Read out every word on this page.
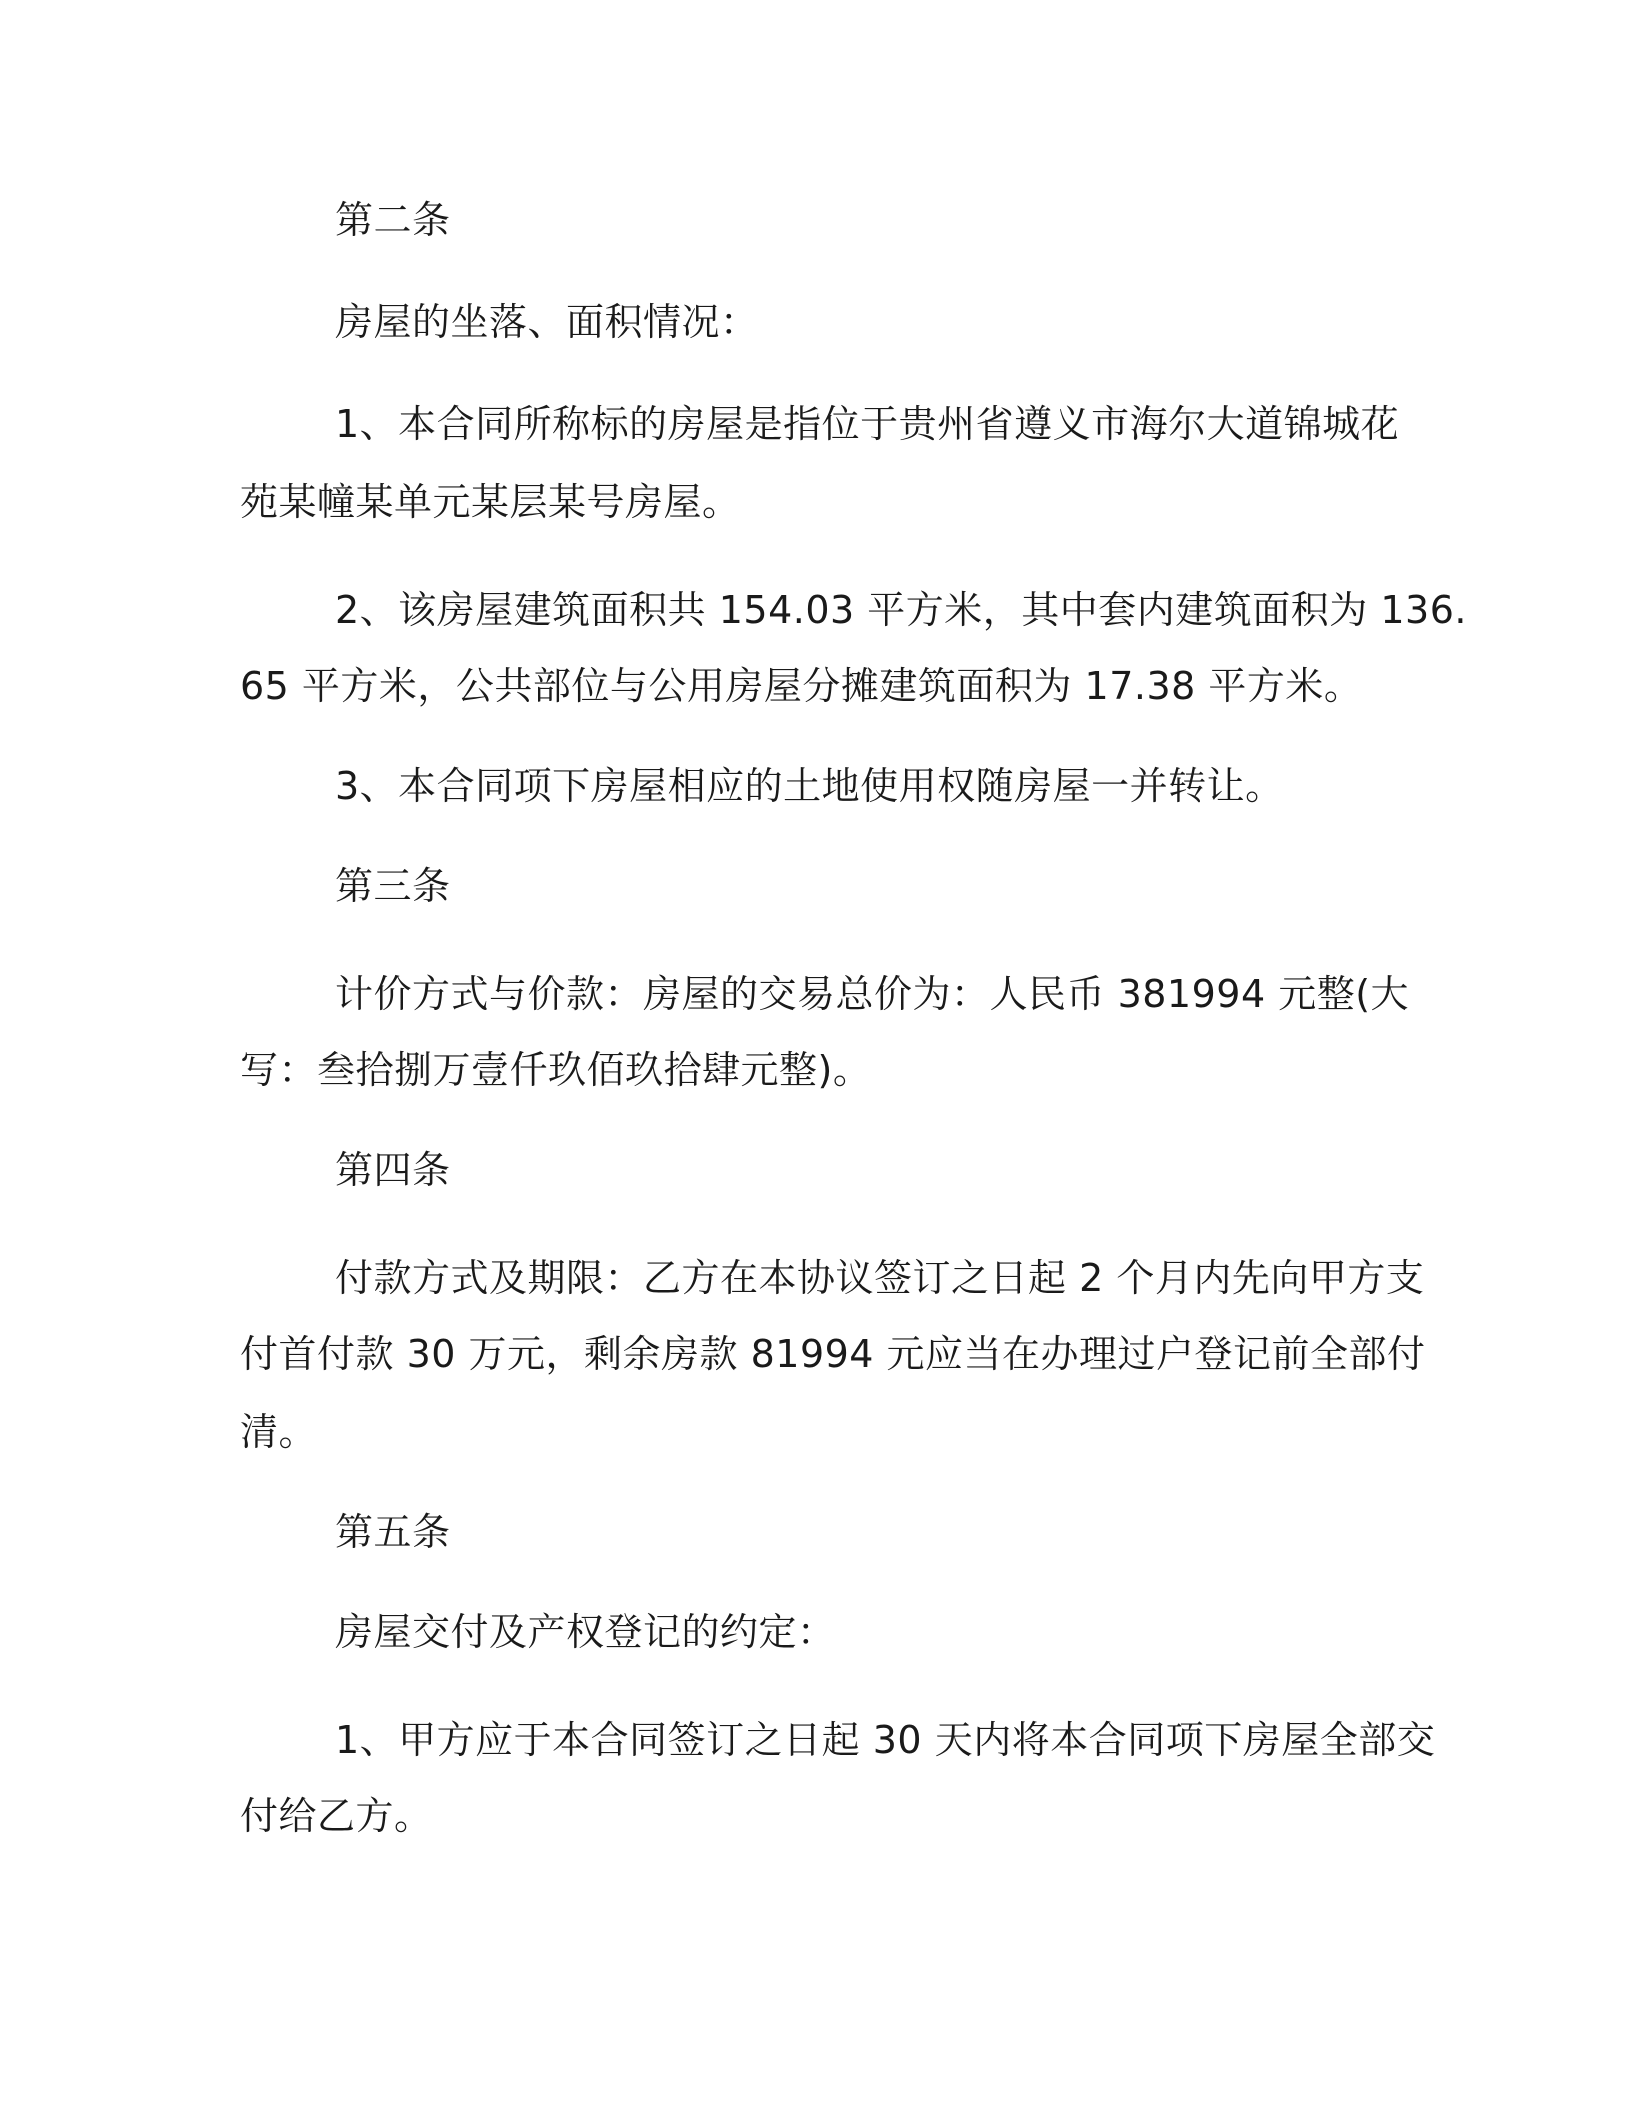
第二条
房屋的坐落、面积情况：
1、本合同所称标的房屋是指位于贵州省遵义市海尔大道锦城花
苑某幢某单元某层某号房屋。
2、该房屋建筑面积共 154.03 平方米，其中套内建筑面积为 136.
65 平方米，公共部位与公用房屋分摊建筑面积为 17.38 平方米。
3、本合同项下房屋相应的土地使用权随房屋一并转让。
第三条
计价方式与价款：房屋的交易总价为：人民币 381994 元整(大
写：叁拾捌万壹仟玖佰玖拾肆元整)。
第四条
付款方式及期限：乙方在本协议签订之日起 2 个月内先向甲方支
付首付款 30 万元，剩余房款 81994 元应当在办理过户登记前全部付
清。
第五条
房屋交付及产权登记的约定：
1、甲方应于本合同签订之日起 30 天内将本合同项下房屋全部交
付给乙方。
